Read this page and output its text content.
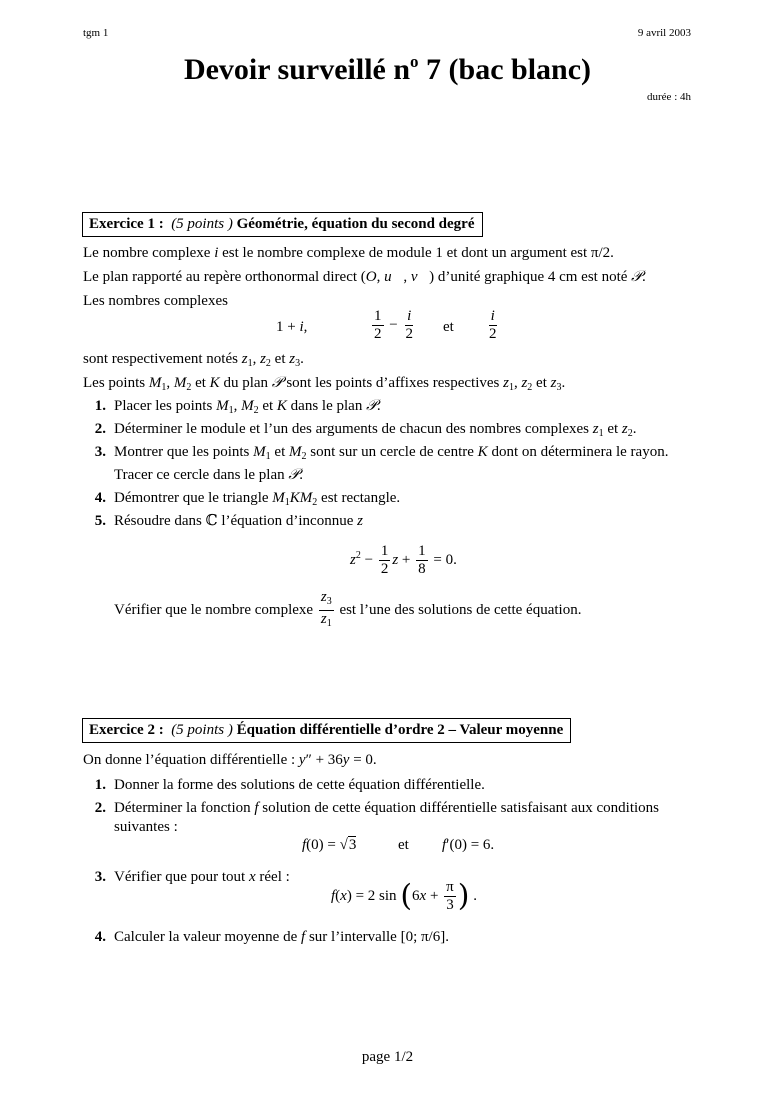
tgm 1	9 avril 2003
Devoir surveillé $n^o$ 7 (bac blanc)
durée : 4h
Exercice 1 : (5 points ) Géométrie, équation du second degré
Le nombre complexe i est le nombre complexe de module 1 et dont un argument est π/2.
Le plan rapporté au repère orthonormal direct (O, u⃗, v⃗) d’unité graphique 4 cm est noté 𝒫.
Les nombres complexes
1 + i,	$\frac{1}{2} - \frac{i}{2}$ et $\frac{i}{2}$
sont respectivement notés $z_1$, $z_2$ et $z_3$.
Les points $M_1$, $M_2$ et K du plan 𝒫 sont les points d’affixes respectives $z_1$, $z_2$ et $z_3$.
1. Placer les points $M_1$, $M_2$ et K dans le plan 𝒫.
2. Déterminer le module et l’un des arguments de chacun des nombres complexes $z_1$ et $z_2$.
3. Montrer que les points $M_1$ et $M_2$ sont sur un cercle de centre K dont on déterminera le rayon.
Tracer ce cercle dans le plan 𝒫.
4. Démontrer que le triangle $M_1KM_2$ est rectangle.
5. Résoudre dans ℂ l’équation d’inconnue z
$z^2 - \frac{1}{2}$ $z + \frac{1}{8} = 0$.
Vérifier que le nombre complexe $\frac{z_3}{z_1}$ est l’une des solutions de cette équation.
Exercice 2 : (5 points ) Équation différentielle d’ordre 2 – Valeur moyenne
On donne l’équation différentielle : y″ + 36y = 0.
1. Donner la forme des solutions de cette équation différentielle.
2. Déterminer la fonction f solution de cette équation différentielle satisfaisant aux conditions
suivantes :
f(0) = √3	et f′(0) = 6.
3. Vérifier que pour tout x réel :
f(x) = 2 $\sin (6x + \frac{\pi}{3}$ ) .
4. Calculer la valeur moyenne de f sur l’intervalle [0; π/6].
page 1/2
